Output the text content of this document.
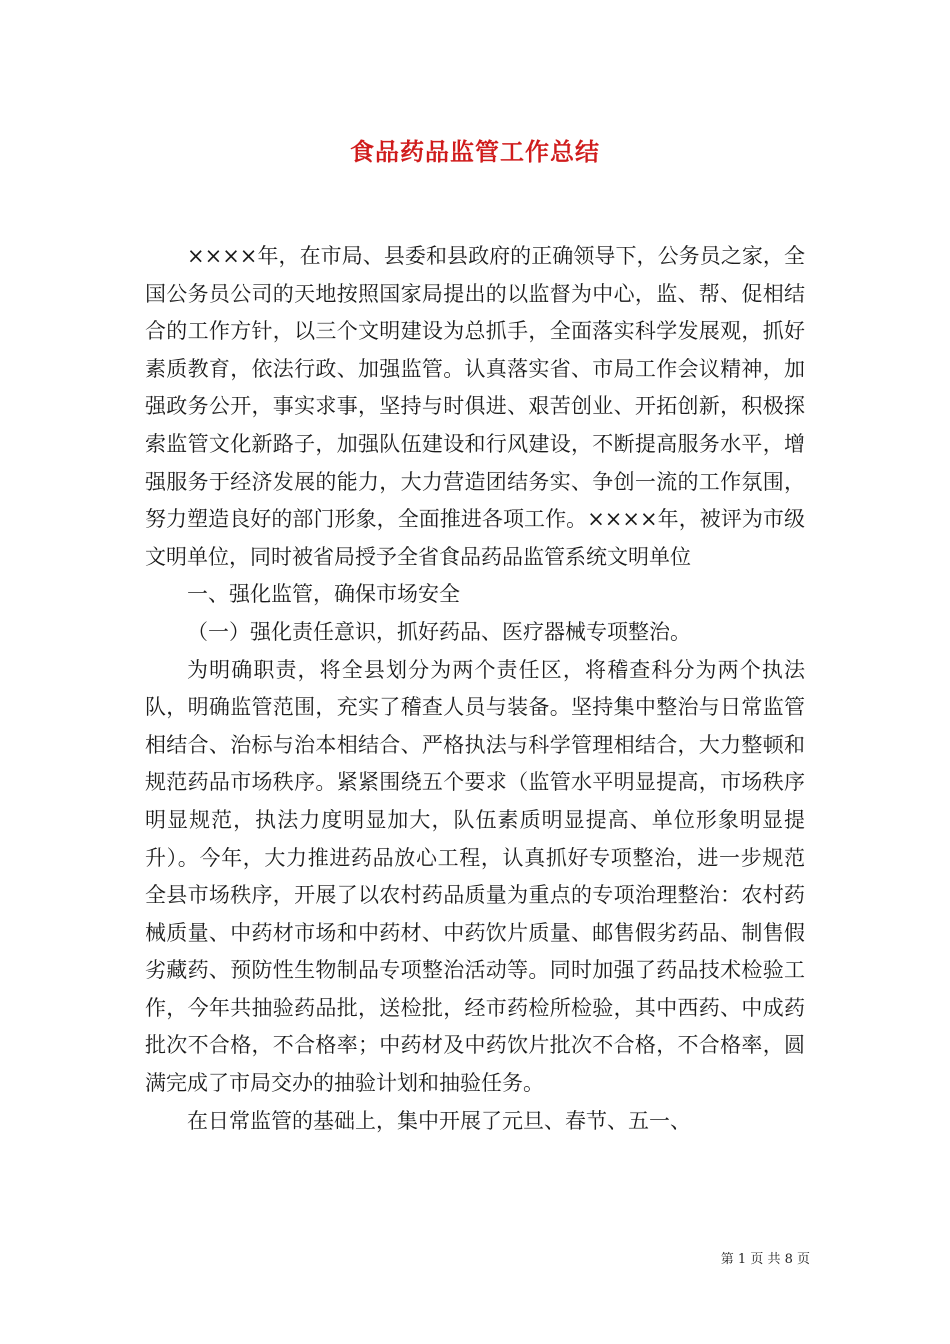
食品药品监管工作总结

××××年，在市局、县委和县政府的正确领导下，公务员之家，全国公务员公司的天地按照国家局提出的以监督为中心，监、帮、促相结合的工作方针，以三个文明建设为总抓手，全面落实科学发展观，抓好素质教育，依法行政、加强监管。认真落实省、市局工作会议精神，加强政务公开，事实求事，坚持与时俱进、艰苦创业、开拓创新，积极探索监管文化新路子，加强队伍建设和行风建设，不断提高服务水平，增强服务于经济发展的能力，大力营造团结务实、争创一流的工作氛围，努力塑造良好的部门形象，全面推进各项工作。××××年，被评为市级文明单位，同时被省局授予全省食品药品监管系统文明单位

一、强化监管，确保市场安全

（一）强化责任意识，抓好药品、医疗器械专项整治。

为明确职责，将全县划分为两个责任区，将稽查科分为两个执法队，明确监管范围，充实了稽查人员与装备。坚持集中整治与日常监管相结合、治标与治本相结合、严格执法与科学管理相结合，大力整顿和规范药品市场秩序。紧紧围绕五个要求（监管水平明显提高，市场秩序明显规范，执法力度明显加大，队伍素质明显提高、单位形象明显提升）。今年，大力推进药品放心工程，认真抓好专项整治，进一步规范全县市场秩序，开展了以农村药品质量为重点的专项治理整治：农村药械质量、中药材市场和中药材、中药饮片质量、邮售假劣药品、制售假劣藏药、预防性生物制品专项整治活动等。同时加强了药品技术检验工作，今年共抽验药品批，送检批，经市药检所检验，其中西药、中成药批次不合格，不合格率；中药材及中药饮片批次不合格，不合格率，圆满完成了市局交办的抽验计划和抽验任务。

在日常监管的基础上，集中开展了元旦、春节、五一、

第 1 页 共 8 页
